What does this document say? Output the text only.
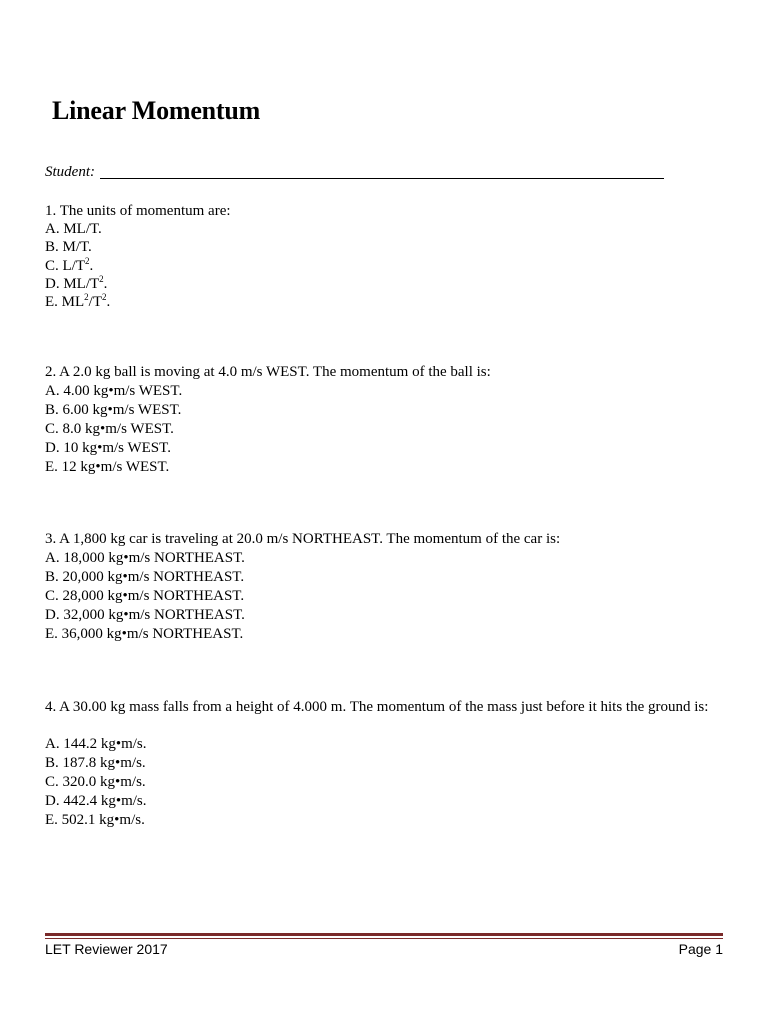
Linear Momentum
Student:
1. The units of momentum are:
A. ML/T.
B. M/T.
C. $L/T^2$.
D. $ML/T^2$.
E. $ML^2/T^2$.
2. A 2.0 kg ball is moving at 4.0 m/s WEST. The momentum of the ball is:
A. 4.00 kg•m/s WEST.
B. 6.00 kg•m/s WEST.
C. 8.0 kg•m/s WEST.
D. 10 kg•m/s WEST.
E. 12 kg•m/s WEST.
3. A 1,800 kg car is traveling at 20.0 m/s NORTHEAST. The momentum of the car is:
A. 18,000 kg•m/s NORTHEAST.
B. 20,000 kg•m/s NORTHEAST.
C. 28,000 kg•m/s NORTHEAST.
D. 32,000 kg•m/s NORTHEAST.
E. 36,000 kg•m/s NORTHEAST.
4. A 30.00 kg mass falls from a height of 4.000 m. The momentum of the mass just before it hits the ground is:
A. 144.2 kg•m/s.
B. 187.8 kg•m/s.
C. 320.0 kg•m/s.
D. 442.4 kg•m/s.
E. 502.1 kg•m/s.
LET Reviewer 2017	Page 1
